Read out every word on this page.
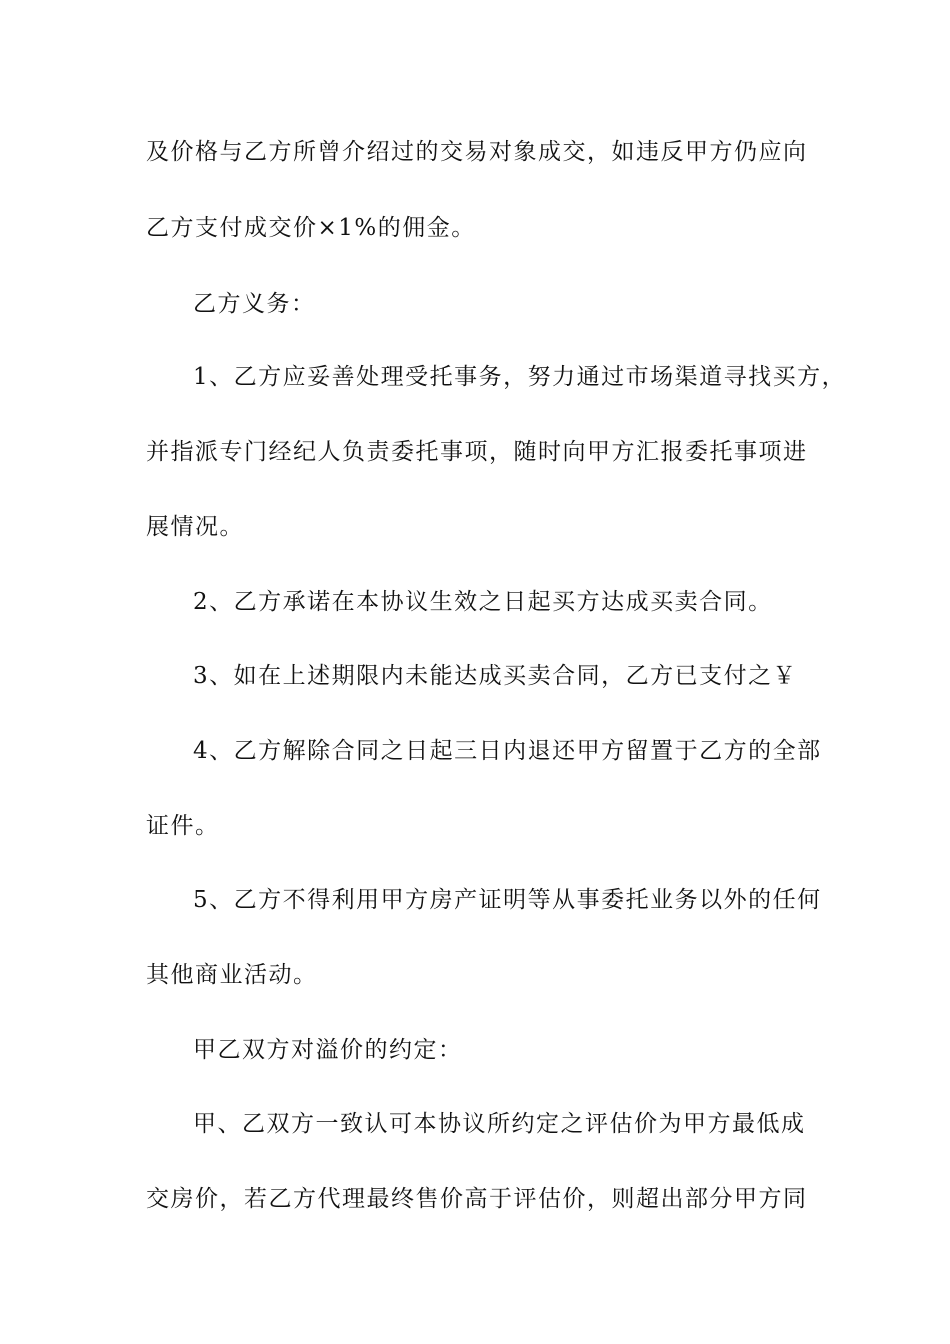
及价格与乙方所曾介绍过的交易对象成交，如违反甲方仍应向
乙方支付成交价×1%的佣金。
乙方义务：
1、乙方应妥善处理受托事务，努力通过市场渠道寻找买方，
并指派专门经纪人负责委托事项，随时向甲方汇报委托事项进
展情况。
2、乙方承诺在本协议生效之日起买方达成买卖合同。
3、如在上述期限内未能达成买卖合同，乙方已支付之￥
4、乙方解除合同之日起三日内退还甲方留置于乙方的全部
证件。
5、乙方不得利用甲方房产证明等从事委托业务以外的任何
其他商业活动。
甲乙双方对溢价的约定：
甲、乙双方一致认可本协议所约定之评估价为甲方最低成
交房价，若乙方代理最终售价高于评估价，则超出部分甲方同
